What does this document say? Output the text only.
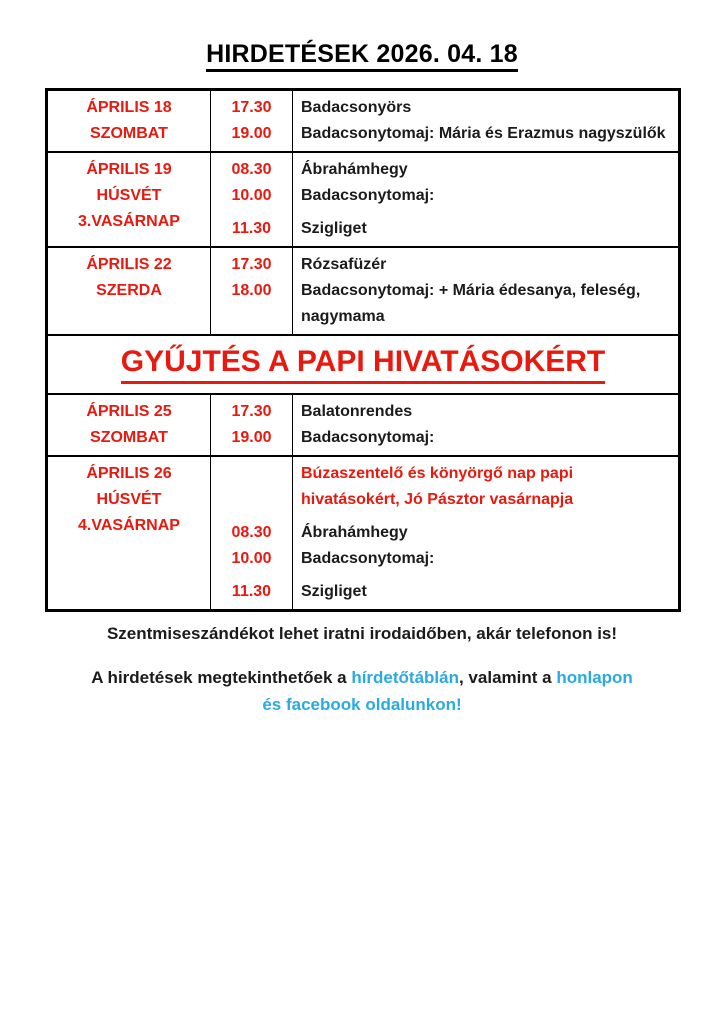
HIRDETÉSEK 2026. 04. 18
ÁPRILIS 18
SZOMBAT
17.30
19.00
Badacsonyörs
Badacsonytomaj: Mária és Erazmus nagyszülők
ÁPRILIS 19
HÚSVÉT
3.VASÁRNAP
08.30
10.00
11.30
Ábrahámhegy
Badacsonytomaj:
Szigliget
ÁPRILIS 22
SZERDA
17.30
18.00
Rózsafüzér
Badacsonytomaj: + Mária édesanya, feleség, nagymama
GYŰJTÉS A PAPI HIVATÁSOKÉRT
ÁPRILIS 25
SZOMBAT
17.30
19.00
Balatonrendes
Badacsonytomaj:
ÁPRILIS 26
HÚSVÉT
4.VASÁRNAP	08.30
10.00
11.30
Búzaszentelő és könyörgő nap papi hivatásokért, Jó Pásztor vasárnapja
Ábrahámhegy
Badacsonytomaj:
Szigliget

Szentmiseszándékot lehet iratni irodaidőben, akár telefonon is!

A hirdetések megtekinthetőek a hírdetőtáblán, valamint a honlapon
és facebook oldalunkon!
